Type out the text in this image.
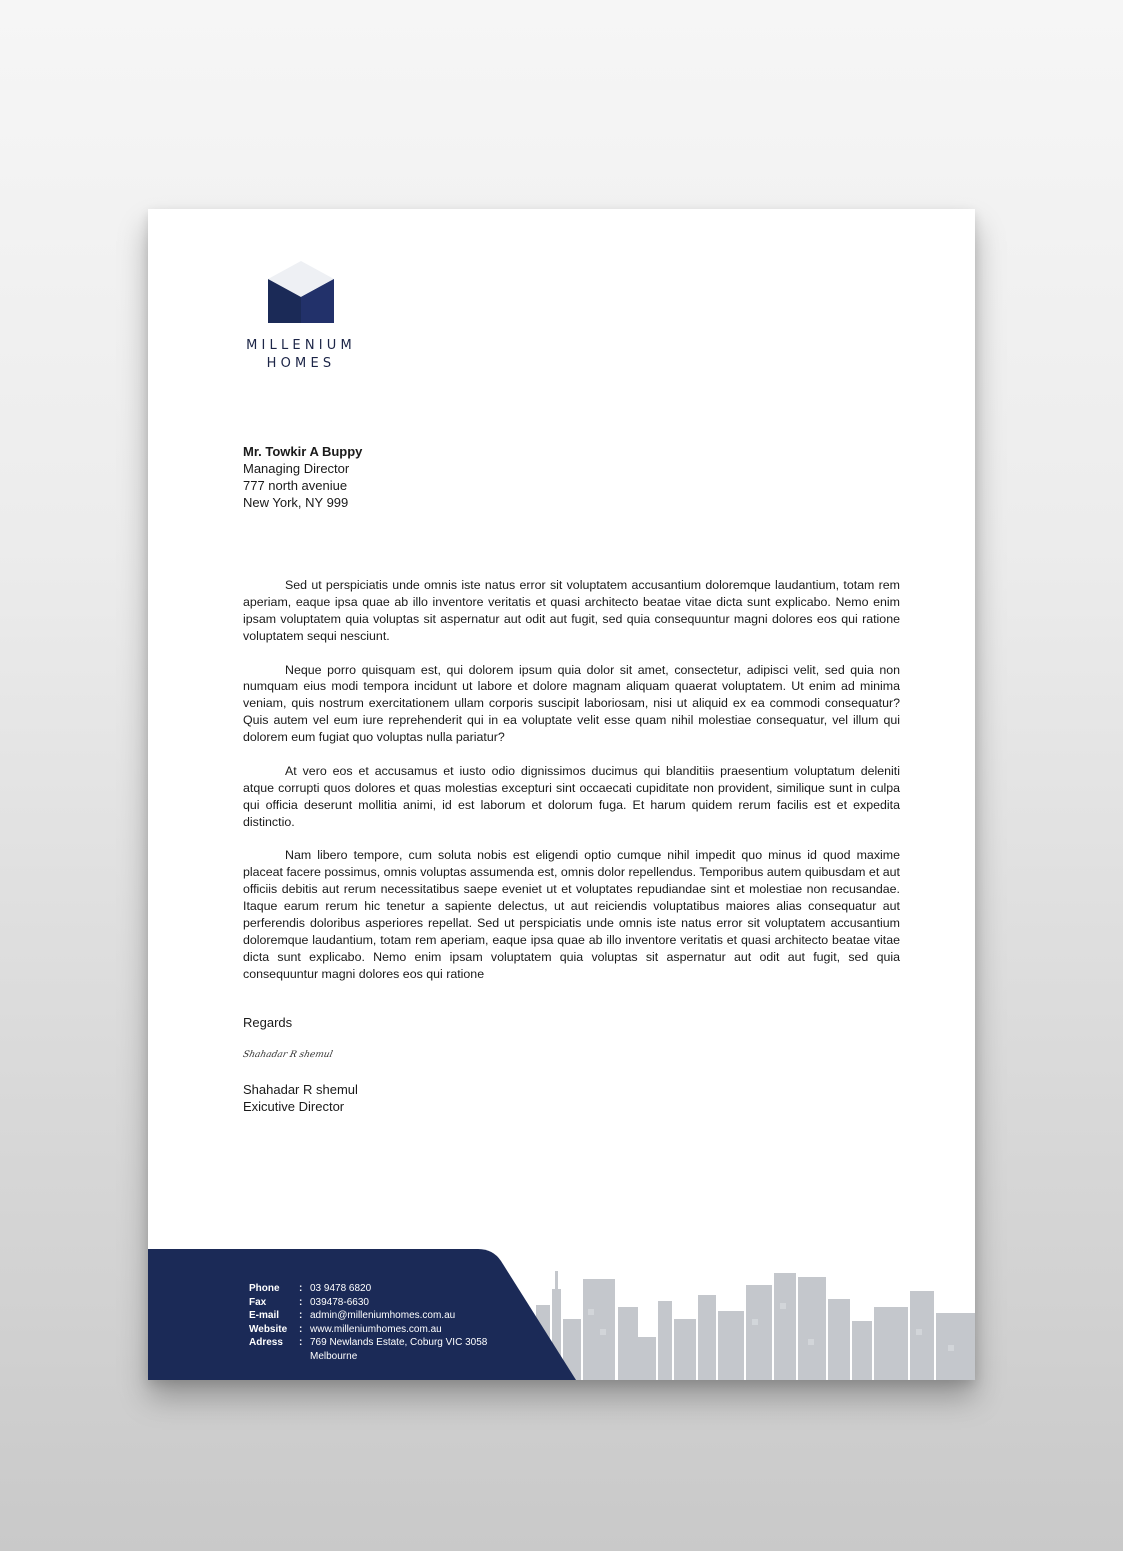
MILLENIUM
HOMES
Mr. Towkir A Buppy
Managing Director
777 north aveniue
New York, NY 999

Sed ut perspiciatis unde omnis iste natus error sit voluptatem accusantium doloremque laudantium, totam rem aperiam, eaque ipsa quae ab illo inventore veritatis et quasi architecto beatae vitae dicta sunt explicabo. Nemo enim ipsam voluptatem quia voluptas sit aspernatur aut odit aut fugit, sed quia consequuntur magni dolores eos qui ratione voluptatem sequi nesciunt.

Neque porro quisquam est, qui dolorem ipsum quia dolor sit amet, consectetur, adipisci velit, sed quia non numquam eius modi tempora incidunt ut labore et dolore magnam aliquam quaerat voluptatem. Ut enim ad minima veniam, quis nostrum exercitationem ullam corporis suscipit laboriosam, nisi ut aliquid ex ea commodi consequatur? Quis autem vel eum iure reprehenderit qui in ea voluptate velit esse quam nihil molestiae consequatur, vel illum qui dolorem eum fugiat quo voluptas nulla pariatur?

At vero eos et accusamus et iusto odio dignissimos ducimus qui blanditiis praesentium voluptatum deleniti atque corrupti quos dolores et quas molestias excepturi sint occaecati cupiditate non provident, similique sunt in culpa qui officia deserunt mollitia animi, id est laborum et dolorum fuga. Et harum quidem rerum facilis est et expedita distinctio.

Nam libero tempore, cum soluta nobis est eligendi optio cumque nihil impedit quo minus id quod maxime placeat facere possimus, omnis voluptas assumenda est, omnis dolor repellendus. Temporibus autem quibusdam et aut officiis debitis aut rerum necessitatibus saepe eveniet ut et voluptates repudiandae sint et molestiae non recusandae. Itaque earum rerum hic tenetur a sapiente delectus, ut aut reiciendis voluptatibus maiores alias consequatur aut perferendis doloribus asperiores repellat. Sed ut perspiciatis unde omnis iste natus error sit voluptatem accusantium doloremque laudantium, totam rem aperiam, eaque ipsa quae ab illo inventore veritatis et quasi architecto beatae vitae dicta sunt explicabo. Nemo enim ipsam voluptatem quia voluptas sit aspernatur aut odit aut fugit, sed quia consequuntur magni dolores eos qui ratione

Regards
Shahadar R shemul
Shahadar R shemul
Exicutive Director
Phone	: 03 9478 6820
Fax	: 039478-6630
E-mail	: admin@milleniumhomes.com.au
Website	: www.milleniumhomes.com.au
Adress	: 769 Newlands Estate, Coburg VIC 3058
Melbourne
